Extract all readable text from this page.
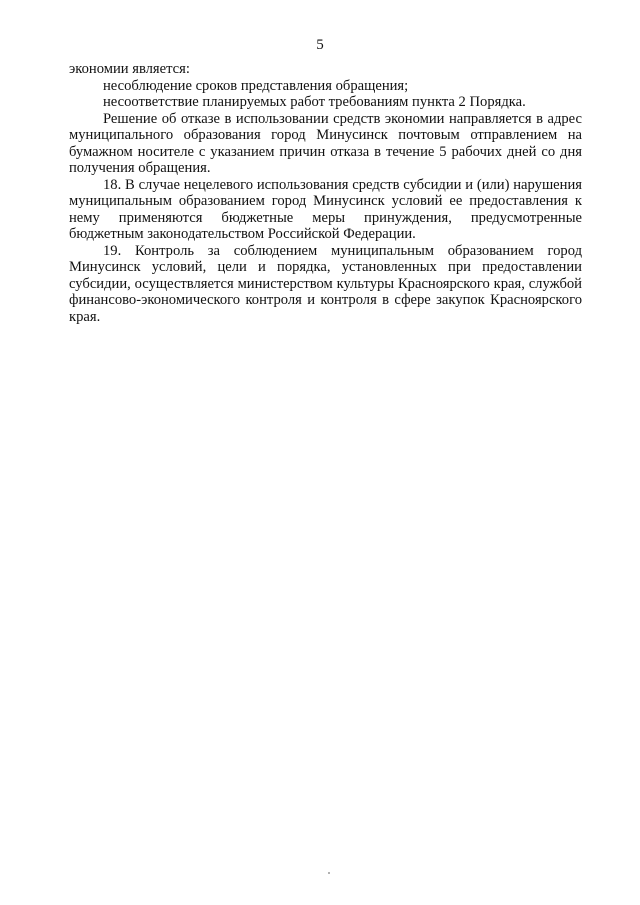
5

экономии является:

несоблюдение сроков представления обращения;

несоответствие планируемых работ требованиям пункта 2 Порядка.

Решение об отказе в использовании средств экономии направляется в адрес муниципального образования город Минусинск почтовым отправлением на бумажном носителе с указанием причин отказа в течение 5 рабочих дней со дня получения обращения.

18. В случае нецелевого использования средств субсидии и (или) нарушения муниципальным образованием город Минусинск условий ее предоставления к нему применяются бюджетные меры принуждения, предусмотренные бюджетным законодательством Российской Федерации.

19. Контроль за соблюдением муниципальным образованием город Минусинск условий, цели и порядка, установленных при предоставлении субсидии, осуществляется министерством культуры Красноярского края, службой финансово-экономического контроля и контроля в сфере закупок Красноярского края.
